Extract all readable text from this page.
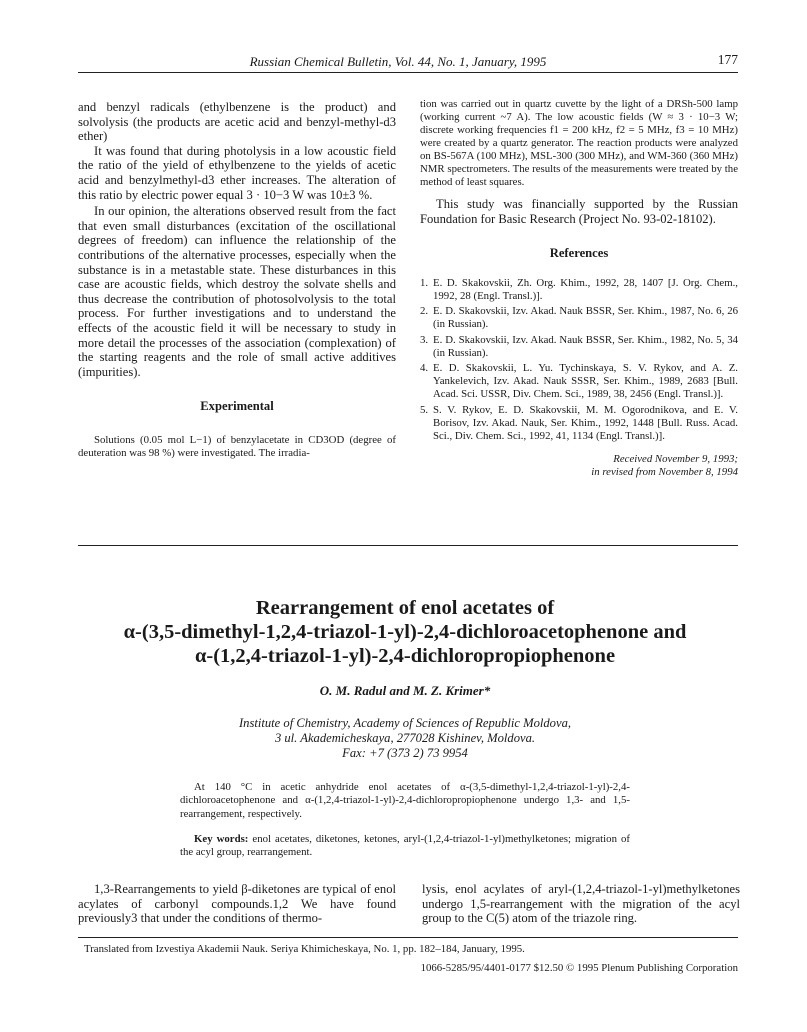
Russian Chemical Bulletin, Vol. 44, No. 1, January, 1995	177

and benzyl radicals (ethylbenzene is the product) and solvolysis (the products are acetic acid and benzyl-methyl-d3 ether)

It was found that during photolysis in a low acoustic field the ratio of the yield of ethylbenzene to the yields of acetic acid and benzylmethyl-d3 ether increases. The alteration of this ratio by electric power equal 3 · 10−3 W was 10±3 %.

In our opinion, the alterations observed result from the fact that even small disturbances (excitation of the oscillational degrees of freedom) can influence the relationship of the contributions of the alternative processes, especially when the substance is in a metastable state. These disturbances in this case are acoustic fields, which destroy the solvate shells and thus decrease the contribution of photosolvolysis to the total process. For further investigations and to understand the effects of the acoustic field it will be necessary to study in more detail the processes of the association (complexation) of the starting reagents and the role of small active additives (impurities).

Experimental

Solutions (0.05 mol L−1) of benzylacetate in CD3OD (degree of deuteration was 98 %) were investigated. The irradia-

tion was carried out in quartz cuvette by the light of a DRSh-500 lamp (working current ~7 A). The low acoustic fields (W ≈ 3 · 10−3 W; discrete working frequencies f1 = 200 kHz, f2 = 5 MHz, f3 = 10 MHz) were created by a quartz generator. The reaction products were analyzed on BS-567A (100 MHz), MSL-300 (300 MHz), and WM-360 (360 MHz) NMR spectrometers. The results of the measurements were treated by the method of least squares.

This study was financially supported by the Russian Foundation for Basic Research (Project No. 93-02-18102).

References

1. E. D. Skakovskii, Zh. Org. Khim., 1992, 28, 1407 [J. Org. Chem., 1992, 28 (Engl. Transl.)].
2. E. D. Skakovskii, Izv. Akad. Nauk BSSR, Ser. Khim., 1987, No. 6, 26 (in Russian).
3. E. D. Skakovskii, Izv. Akad. Nauk BSSR, Ser. Khim., 1982, No. 5, 34 (in Russian).
4. E. D. Skakovskii, L. Yu. Tychinskaya, S. V. Rykov, and A. Z. Yankelevich, Izv. Akad. Nauk SSSR, Ser. Khim., 1989, 2683 [Bull. Acad. Sci. USSR, Div. Chem. Sci., 1989, 38, 2456 (Engl. Transl.)].
5. S. V. Rykov, E. D. Skakovskii, M. M. Ogorodnikova, and E. V. Borisov, Izv. Akad. Nauk, Ser. Khim., 1992, 1448 [Bull. Russ. Acad. Sci., Div. Chem. Sci., 1992, 41, 1134 (Engl. Transl.)].

Received November 9, 1993;

in revised from November 8, 1994

Rearrangement of enol acetates of
α-(3,5-dimethyl-1,2,4-triazol-1-yl)-2,4-dichloroacetophenone and
α-(1,2,4-triazol-1-yl)-2,4-dichloropropiophenone
O. M. Radul and M. Z. Krimer*
Institute of Chemistry, Academy of Sciences of Republic Moldova,
3 ul. Akademicheskaya, 277028 Kishinev, Moldova.
Fax: +7 (373 2) 73 9954
At 140 °C in acetic anhydride enol acetates of α-(3,5-dimethyl-1,2,4-triazol-1-yl)-2,4-dichloroacetophenone and α-(1,2,4-triazol-1-yl)-2,4-dichloropropiophenone undergo 1,3- and 1,5-rearrangement, respectively.
Key words: enol acetates, diketones, ketones, aryl-(1,2,4-triazol-1-yl)methylketones; migration of the acyl group, rearrangement.
1,3-Rearrangements to yield β-diketones are typical of enol acylates of carbonyl compounds.1,2 We have found previously3 that under the conditions of thermo-
lysis, enol acylates of aryl-(1,2,4-triazol-1-yl)methylketones undergo 1,5-rearrangement with the migration of the acyl group to the C(5) atom of the triazole ring.
Translated from Izvestiya Akademii Nauk. Seriya Khimicheskaya, No. 1, pp. 182–184, January, 1995.
1066-5285/95/4401-0177 $12.50 © 1995 Plenum Publishing Corporation
